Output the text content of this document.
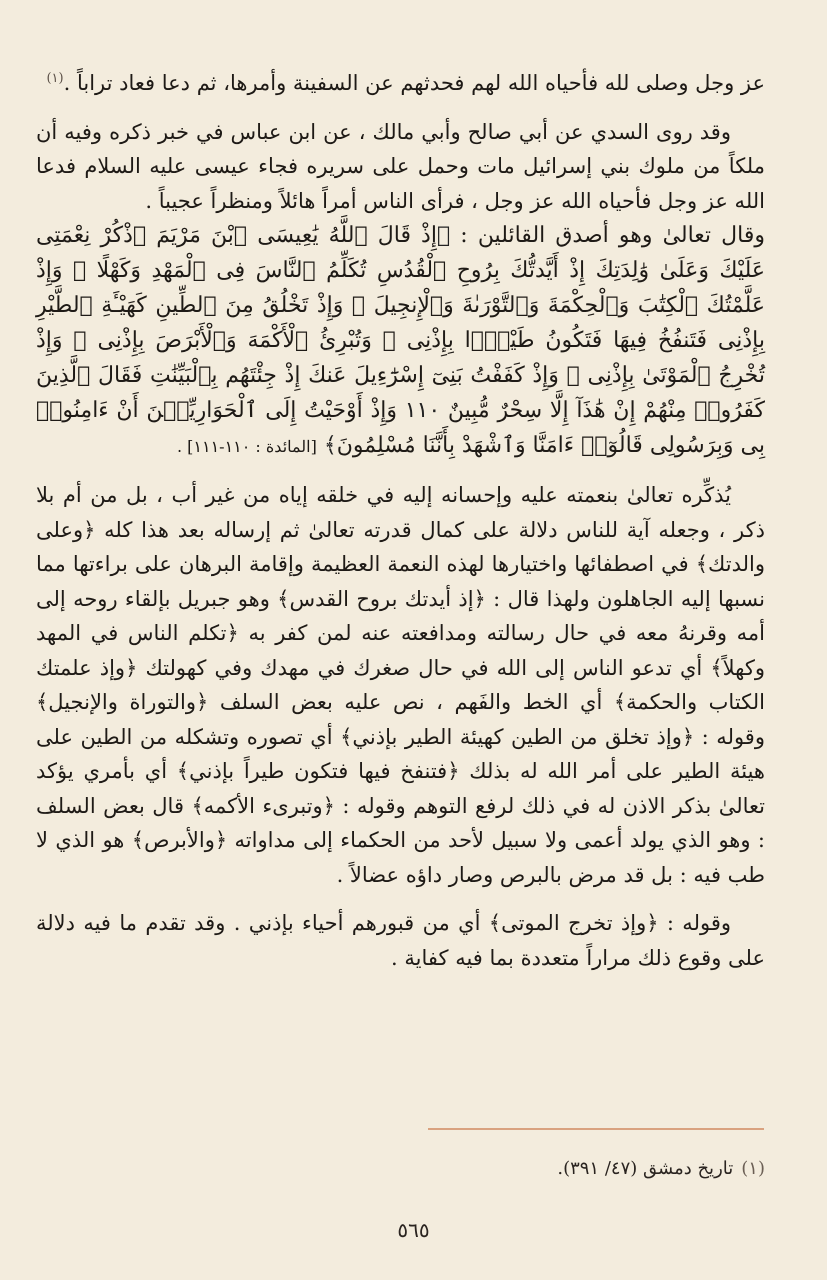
عز وجل وصلى لله فأحياه الله لهم فحدثهم عن السفينة وأمرها، ثم دعا فعاد تراباً .$^{(١)}$

وقد روى السدي عن أبي صالح وأبي مالك ، عن ابن عباس في خبر ذكره وفيه أن ملكاً من ملوك بني إسرائيل مات وحمل على سريره فجاء عيسى عليه السلام فدعا الله عز وجل فأحياه الله عز وجل ، فرأى الناس أمراً هائلاً ومنظراً عجيباً .

وقال تعالىٰ وهو أصدق القائلين : ﴿إِذْ قَالَ ٱللَّهُ يَٰعِيسَى ٱبْنَ مَرْيَمَ ٱذْكُرْ نِعْمَتِى عَلَيْكَ وَعَلَىٰ وَٰلِدَتِكَ إِذْ أَيَّدتُّكَ بِرُوحِ ٱلْقُدُسِ تُكَلِّمُ ٱلنَّاسَ فِى ٱلْمَهْدِ وَكَهْلًا ۖ وَإِذْ عَلَّمْتُكَ ٱلْكِتَٰبَ وَٱلْحِكْمَةَ وَٱلتَّوْرَىٰةَ وَٱلْإِنجِيلَ ۖ وَإِذْ تَخْلُقُ مِنَ ٱلطِّينِ كَهَيْـَٔةِ ٱلطَّيْرِ بِإِذْنِى فَتَنفُخُ فِيهَا فَتَكُونُ طَيْرًۢا بِإِذْنِى ۖ وَتُبْرِئُ ٱلْأَكْمَهَ وَٱلْأَبْرَصَ بِإِذْنِى ۖ وَإِذْ تُخْرِجُ ٱلْمَوْتَىٰ بِإِذْنِى ۖ وَإِذْ كَفَفْتُ بَنِىٓ إِسْرَٰٓءِيلَ عَنكَ إِذْ جِئْتَهُم بِٱلْبَيِّنَٰتِ فَقَالَ ٱلَّذِينَ كَفَرُوا۟ مِنْهُمْ إِنْ هَٰذَآ إِلَّا سِحْرٌ مُّبِينٌ ١١٠ وَإِذْ أَوْحَيْتُ إِلَى ٱلْحَوَارِيِّـۧنَ أَنْ ءَامِنُوا۟ بِى وَبِرَسُولِى قَالُوٓا۟ ءَامَنَّا وَٱشْهَدْ بِأَنَّنَا مُسْلِمُونَ﴾ [المائدة : ١١٠-١١١] .

يُذكِّره تعالىٰ بنعمته عليه وإحسانه إليه في خلقه إياه من غير أب ، بل من أم بلا ذكر ، وجعله آية للناس دلالة على كمال قدرته تعالىٰ ثم إرساله بعد هذا كله ﴿وعلى والدتك﴾ في اصطفائها واختيارها لهذه النعمة العظيمة وإقامة البرهان على براءتها مما نسبها إليه الجاهلون ولهذا قال : ﴿إذ أيدتك بروح القدس﴾ وهو جبريل بإلقاء روحه إلى أمه وقرنهُ معه في حال رسالته ومدافعته عنه لمن كفر به ﴿تكلم الناس في المهد وكهلاً﴾ أي تدعو الناس إلى الله في حال صغرك في مهدك وفي كهولتك ﴿وإذ علمتك الكتاب والحكمة﴾ أي الخط والفَهم ، نص عليه بعض السلف ﴿والتوراة والإنجيل﴾ وقوله : ﴿وإذ تخلق من الطين كهيئة الطير بإذني﴾ أي تصوره وتشكله من الطين على هيئة الطير على أمر الله له بذلك ﴿فتنفخ فيها فتكون طيراً بإذني﴾ أي بأمري يؤكد تعالىٰ بذكر الاذن له في ذلك لرفع التوهم وقوله : ﴿وتبرىء الأكمه﴾ قال بعض السلف : وهو الذي يولد أعمى ولا سبيل لأحد من الحكماء إلى مداواته ﴿والأبرص﴾ هو الذي لا طب فيه : بل قد مرض بالبرص وصار داؤه عضالاً .

وقوله : ﴿وإذ تخرج الموتى﴾ أي من قبورهم أحياء بإذني . وقد تقدم ما فيه دلالة على وقوع ذلك مراراً متعددة بما فيه كفاية .

(١)تاريخ دمشق (٤٧/ ٣٩١).
٥٦٥
